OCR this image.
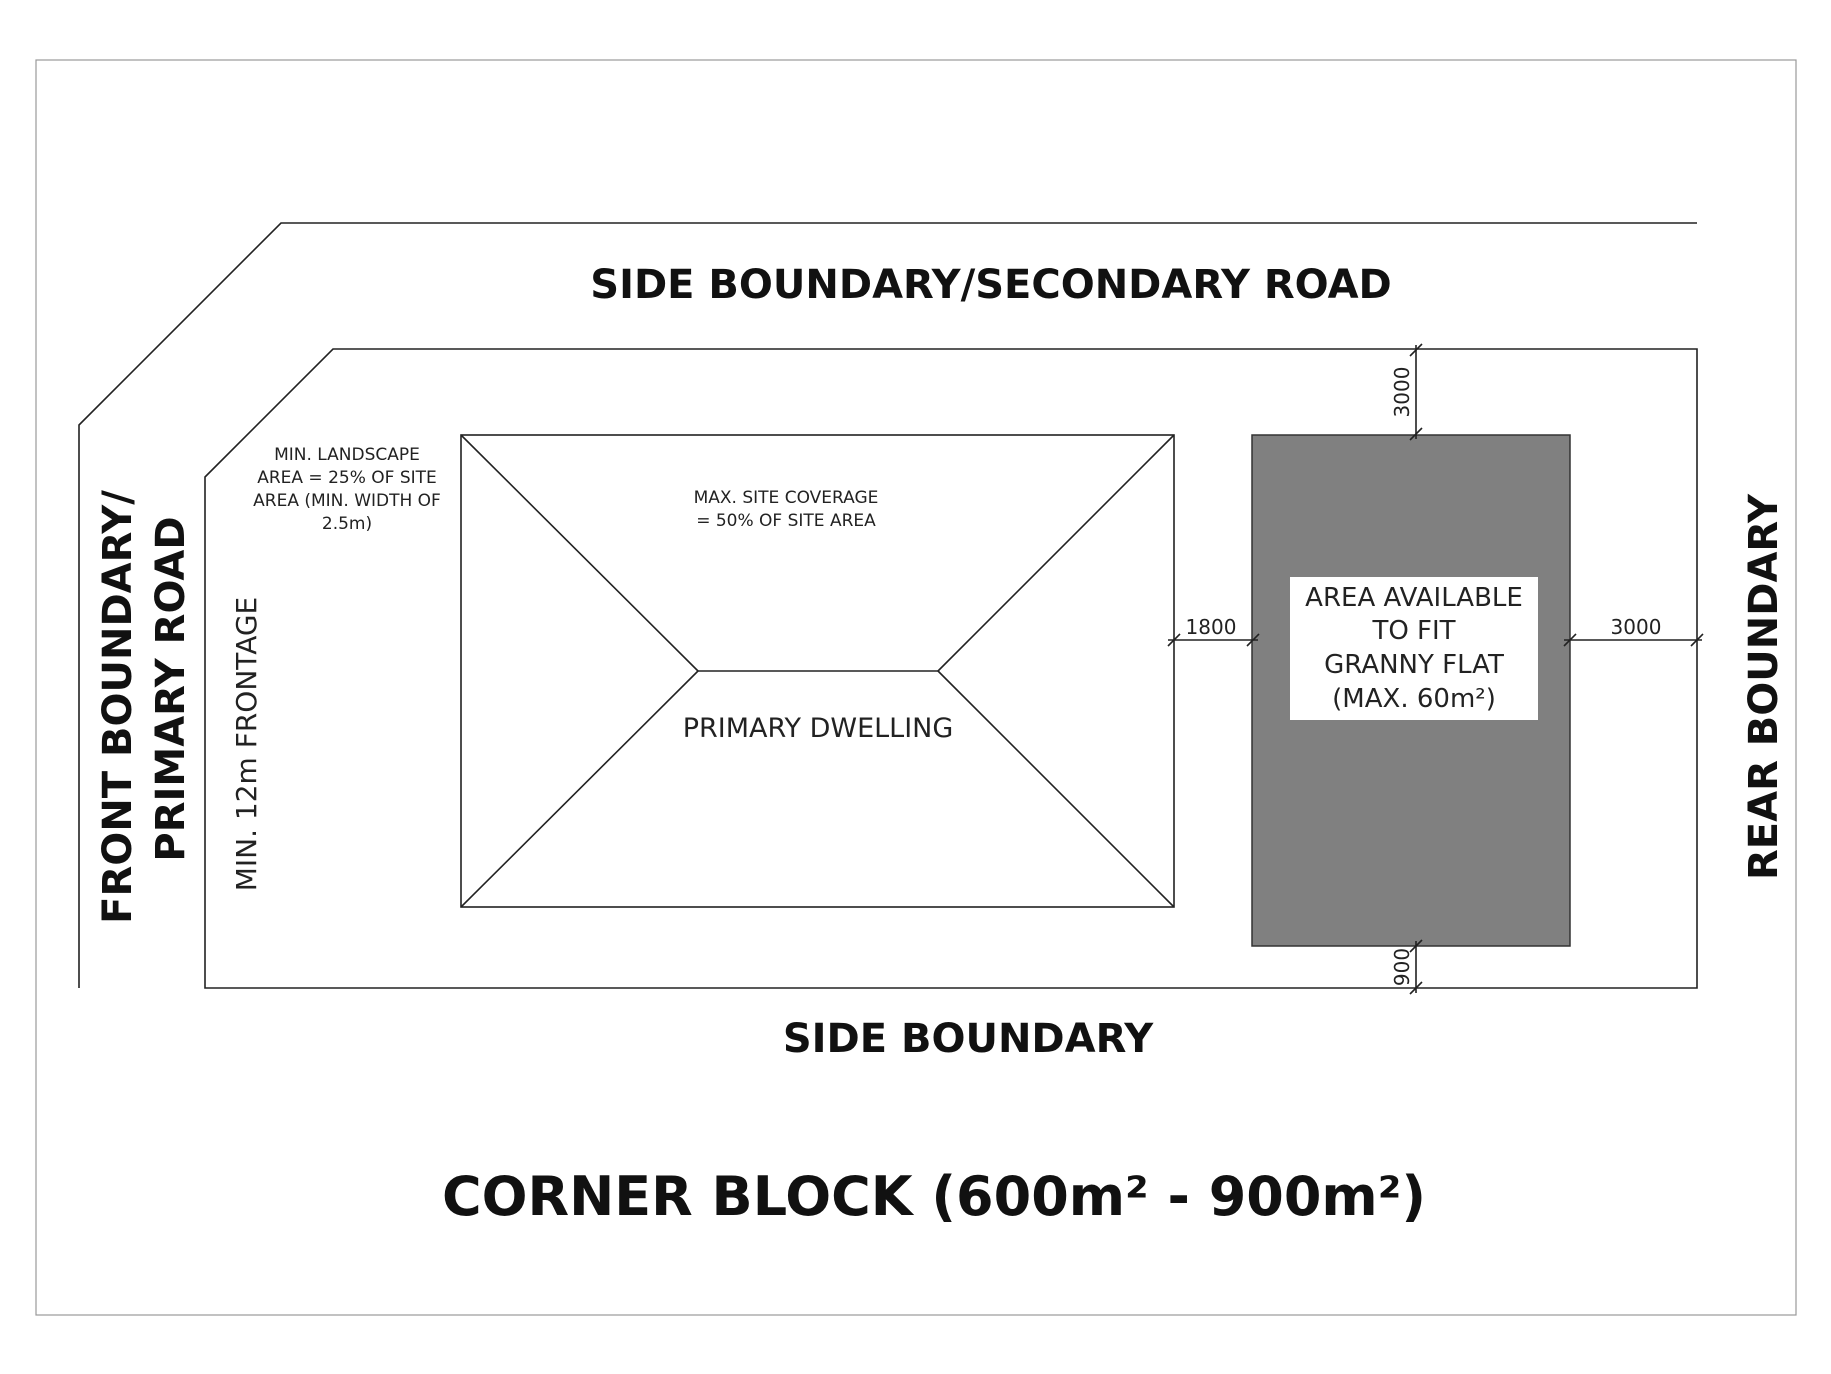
3000
900
1800	3000
SIDE BOUNDARY/SECONDARY ROAD
SIDE BOUNDARY
FRONT BOUNDARY/ PRIMARY ROAD	REAR BOUNDARY
MIN. 12m FRONTAGE
MIN. LANDSCAPE
AREA = 25% OF SITE
AREA (MIN. WIDTH OF
2.5m)
MAX. SITE COVERAGE
= 50% OF SITE AREA
PRIMARY DWELLING
AREA AVAILABLE
TO FIT
GRANNY FLAT
(MAX. 60m²)
CORNER BLOCK (600m² - 900m²)
